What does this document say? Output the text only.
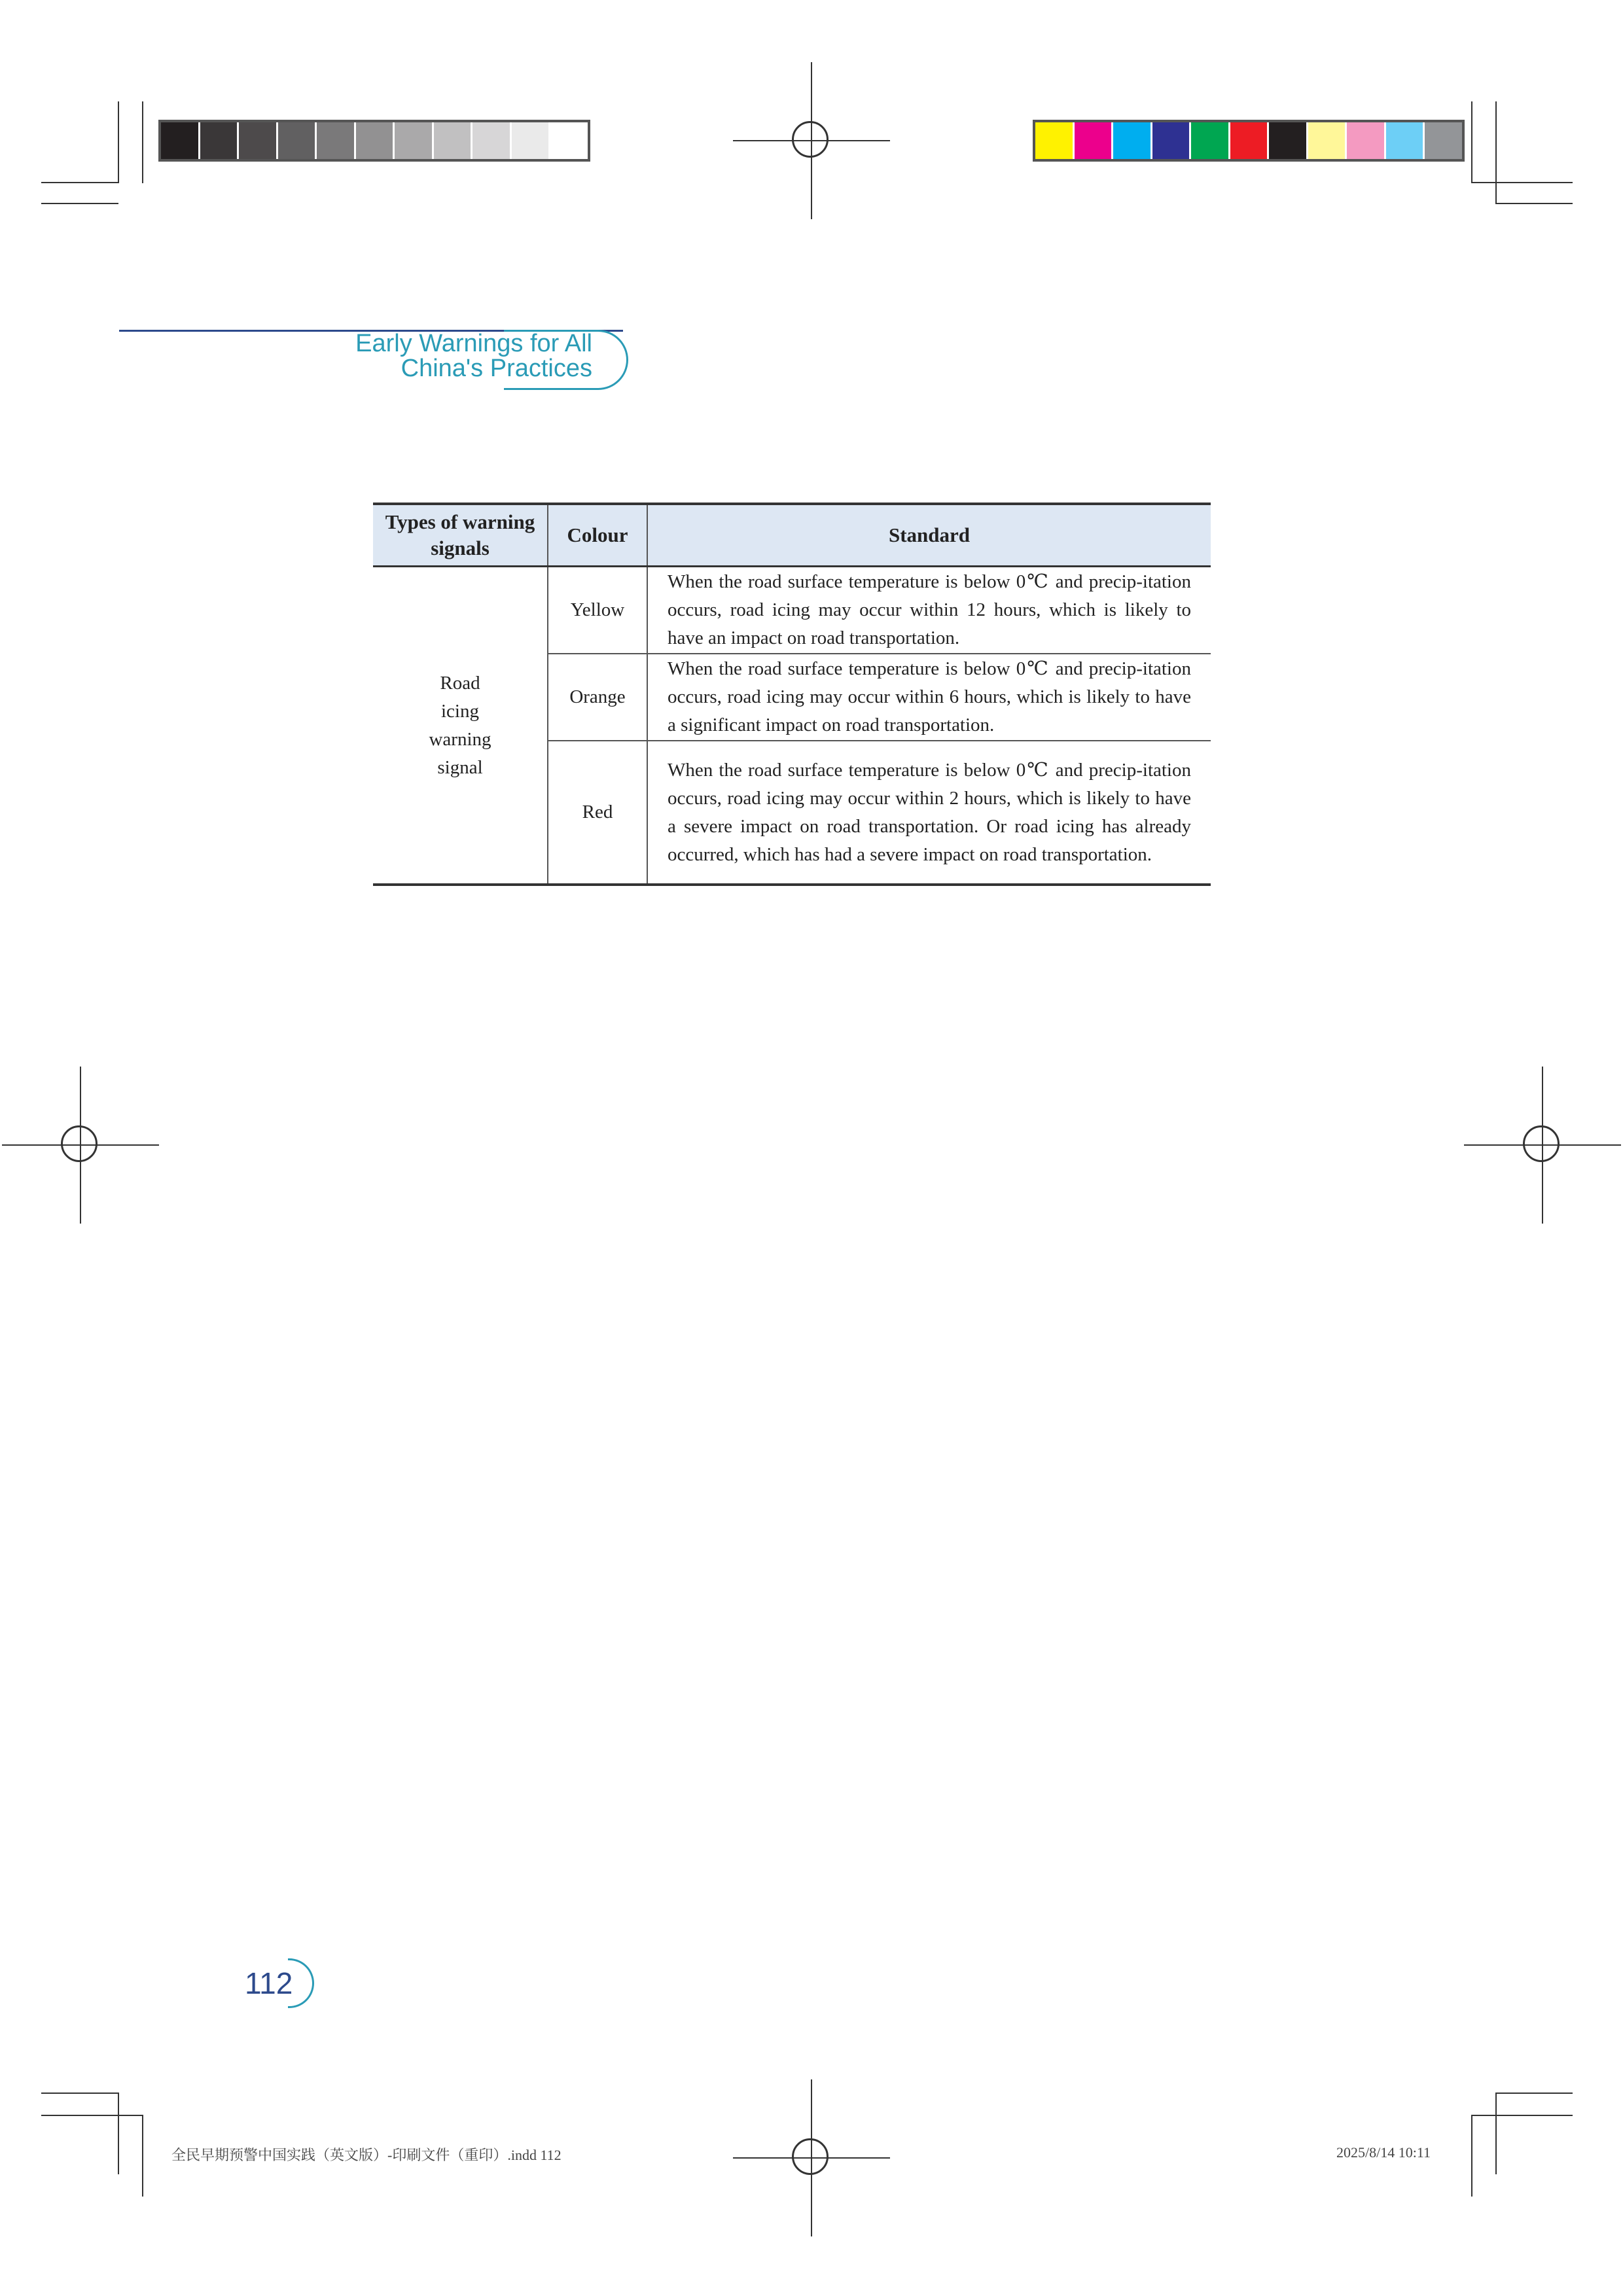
Early Warnings for All
China's Practices
Types of warning signals	Colour	Standard
Road icing warning signal	Yellow	When the road surface temperature is below 0℃ and precip-itation occurs, road icing may occur within 12 hours, which is likely to have an impact on road transportation.
	Orange	When the road surface temperature is below 0℃ and precip-itation occurs, road icing may occur within 6 hours, which is likely to have a significant impact on road transportation.
	Red	When the road surface temperature is below 0℃ and precip-itation occurs, road icing may occur within 2 hours, which is likely to have a severe impact on road transportation. Or road icing has already occurred, which has had a severe impact on road transportation.
112
全民早期预警中国实践（英文版）-印刷文件（重印）.indd 112	2025/8/14 10:11
